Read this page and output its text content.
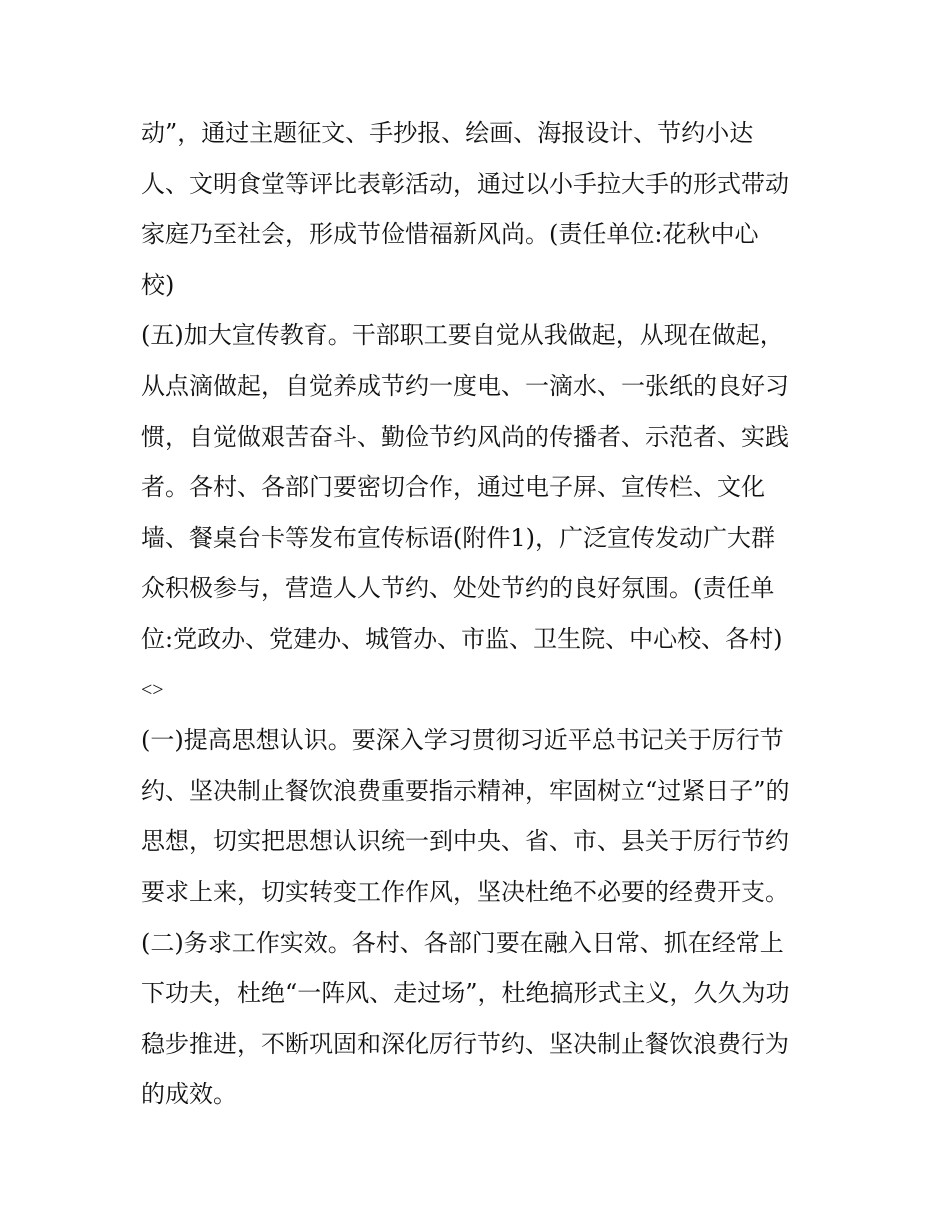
动”，通过主题征文、手抄报、绘画、海报设计、节约小达
人、文明食堂等评比表彰活动，通过以小手拉大手的形式带动
家庭乃至社会，形成节俭惜福新风尚。(责任单位:花秋中心
校)
(五)加大宣传教育。干部职工要自觉从我做起，从现在做起，
从点滴做起，自觉养成节约一度电、一滴水、一张纸的良好习
惯，自觉做艰苦奋斗、勤俭节约风尚的传播者、示范者、实践
者。各村、各部门要密切合作，通过电子屏、宣传栏、文化
墙、餐桌台卡等发布宣传标语(附件1)，广泛宣传发动广大群
众积极参与，营造人人节约、处处节约的良好氛围。(责任单
位:党政办、党建办、城管办、市监、卫生院、中心校、各村)
<>
(一)提高思想认识。要深入学习贯彻习近平总书记关于厉行节
约、坚决制止餐饮浪费重要指示精神，牢固树立“过紧日子”的
思想，切实把思想认识统一到中央、省、市、县关于厉行节约
要求上来，切实转变工作作风，坚决杜绝不必要的经费开支。
(二)务求工作实效。各村、各部门要在融入日常、抓在经常上
下功夫，杜绝“一阵风、走过场”，杜绝搞形式主义，久久为功
稳步推进，不断巩固和深化厉行节约、坚决制止餐饮浪费行为
的成效。
